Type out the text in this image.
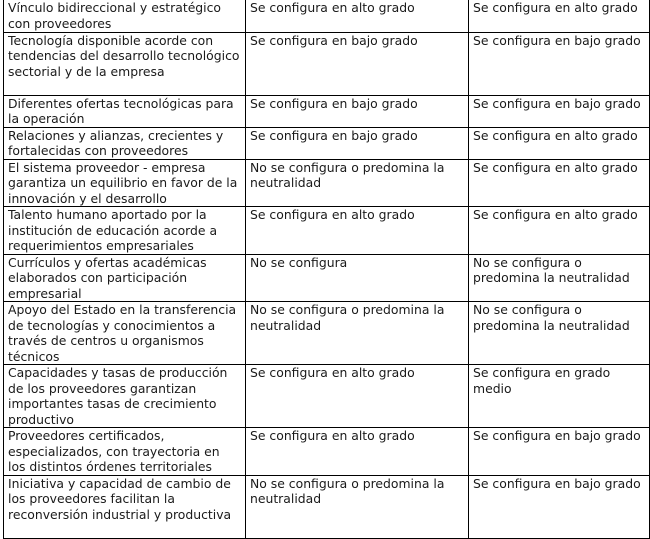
Vínculo bidireccional y estratégico con proveedores	Se configura en alto grado	Se configura en alto grado

Tecnología disponible acorde con tendencias del desarrollo tecnológico sectorial y de la empresa	Se configura en bajo grado	Se configura en bajo grado

Diferentes ofertas tecnológicas para la operación	Se configura en bajo grado	Se configura en bajo grado

Relaciones y alianzas, crecientes y fortalecidas con proveedores	Se configura en bajo grado	Se configura en alto grado

El sistema proveedor - empresa garantiza un equilibrio en favor de la innovación y el desarrollo	No se configura o predomina la neutralidad	Se configura en alto grado

Talento humano aportado por la institución de educación acorde a requerimientos empresariales	Se configura en alto grado	Se configura en alto grado

Currículos y ofertas académicas elaborados con participación empresarial	No se configura	No se configura o predomina la neutralidad

Apoyo del Estado en la transferencia de tecnologías y conocimientos a través de centros u organismos técnicos	No se configura o predomina la neutralidad	No se configura o predomina la neutralidad

Capacidades y tasas de producción de los proveedores garantizan importantes tasas de crecimiento productivo	Se configura en alto grado	Se configura en grado medio

Proveedores certificados, especializados, con trayectoria en los distintos órdenes territoriales	Se configura en alto grado	Se configura en bajo grado

Iniciativa y capacidad de cambio de los proveedores facilitan la reconversión industrial y productiva	No se configura o predomina la neutralidad	Se configura en bajo grado
